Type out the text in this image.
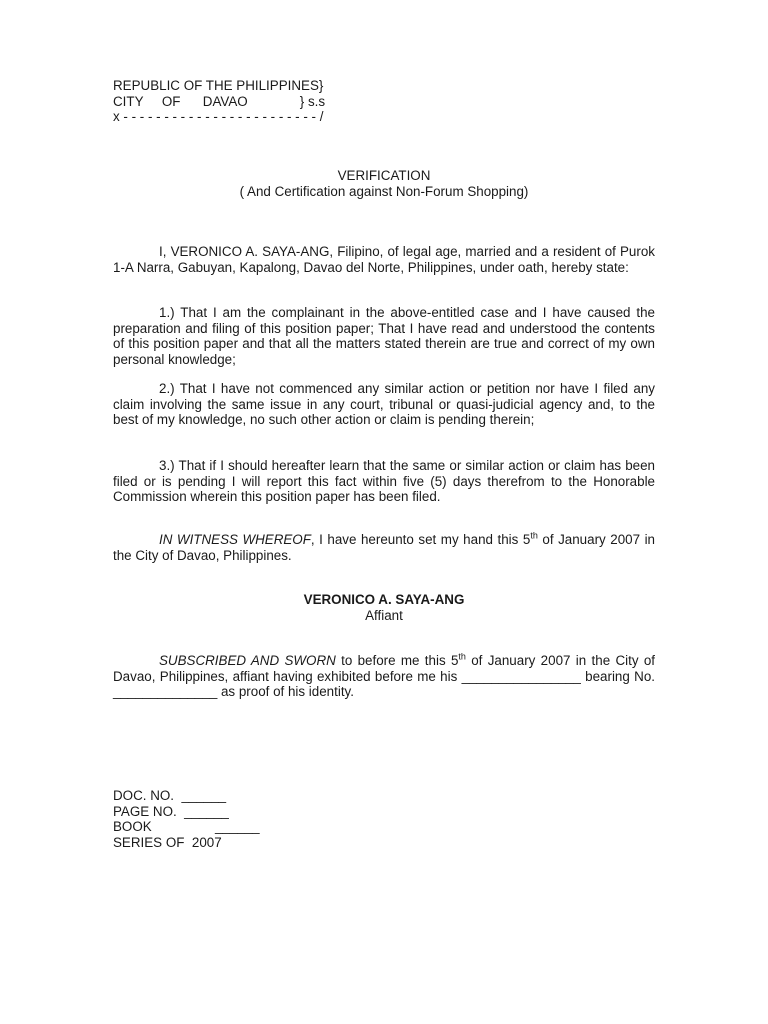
REPUBLIC OF THE PHILIPPINES}
CITY     OF      DAVAO              } s.s
x - - - - - - - - - - - - - - - - - - - - - - - - /
VERIFICATION
( And Certification against Non-Forum Shopping)
I, VERONICO A. SAYA-ANG, Filipino, of legal age, married and a resident of Purok 1-A Narra, Gabuyan, Kapalong, Davao del Norte, Philippines, under oath, hereby state:
1.) That I am the complainant in the above-entitled case and I have caused the preparation and filing of this position paper; That I have read and understood the contents of this position paper and that all the matters stated therein are true and correct of my own personal knowledge;
2.) That I have not commenced any similar action or petition nor have I filed any claim involving the same issue in any court, tribunal or quasi-judicial agency and, to the best of my knowledge, no such other action or claim is pending therein;
3.) That if I should hereafter learn that the same or similar action or claim has been filed or is pending I will report this fact within five (5) days therefrom to the Honorable Commission wherein this position paper has been filed.
IN WITNESS WHEREOF, I have hereunto set my hand this 5th of January 2007 in the City of Davao, Philippines.
VERONICO A. SAYA-ANG
Affiant
SUBSCRIBED AND SWORN to before me this 5th of January 2007 in the City of Davao, Philippines, affiant having exhibited before me his ________________ bearing No. ______________ as proof of his identity.
DOC. NO.  ______
PAGE NO.  ______
BOOK                 ______
SERIES OF  2007
